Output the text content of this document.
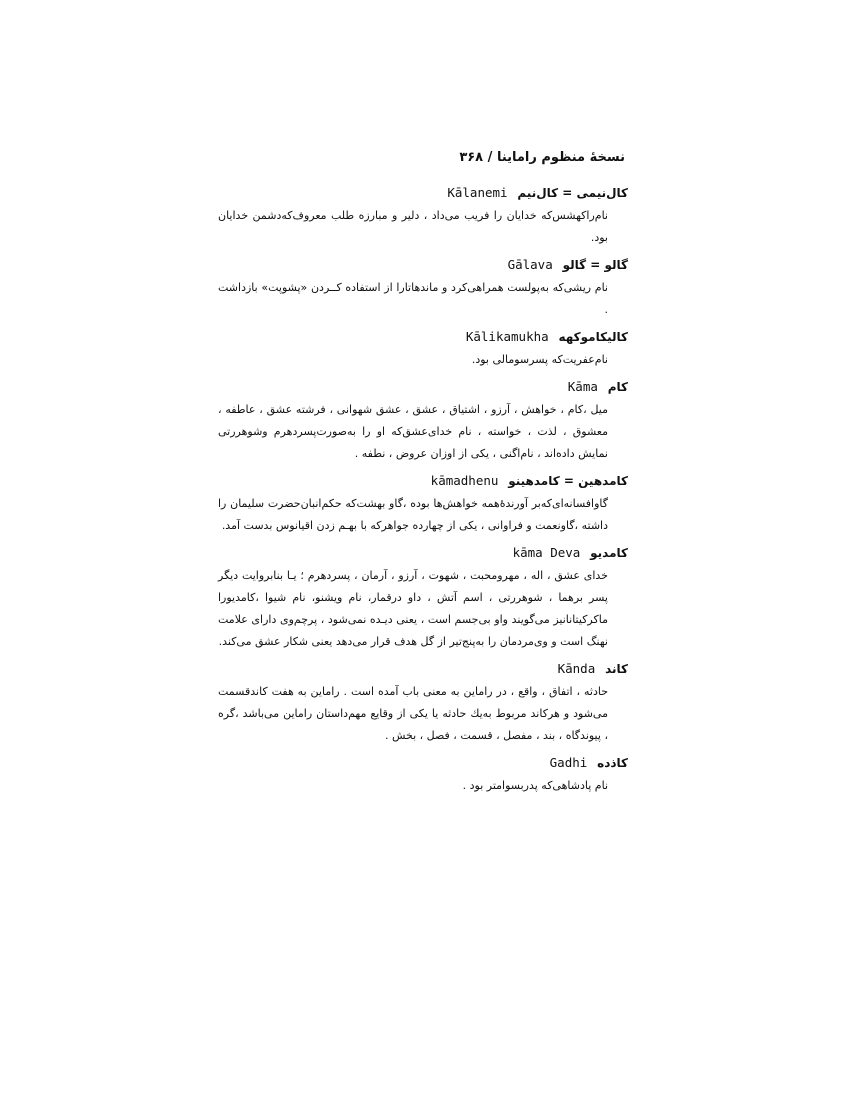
نسخهٔ منظوم راماینا / ۳۶۸
کال‌نیمی = کال‌نیم Kālanemi
نام‌راکهشس‌که خدایان را فریب می‌داد ، دلیر و مبارزه طلب معروف‌که‌دشمن خدایان بود.
گالو = گالو Gālava
نام ریشی‌که به‌پولست همراهی‌کرد و ماندهاتارا از استفاده کــردن «پشوپت» بازداشت .
کالیکاموکهه Kālikamukha
نام‌عفریت‌که پسرسومالی بود.
کام Kāma
میل ،کام ، خواهش ، آرزو ، اشتیاق ، عشق ، عشق شهوانی ، فرشته عشق ، عاطفه ، معشوق ، لذت ، خواسته ، نام خدای‌عشق‌که او را به‌صورت‌پسردهرم وشوهررتی نمایش داده‌اند ، نام‌اگنی ، یکی از اوزان عروض ، نطفه .
کامدهین = کامدهینو kāmadhenu
گاوافسانه‌ای‌که‌بر آورندهٔ‌همه خواهش‌ها بوده ،گاو بهشت‌که حکم‌انبان‌حضرت سلیمان را داشته ،گاونعمت و فراوانی ، یکی از چهارده جواهر‌که با بهـم زدن اقیانوس بدست آمد.
کامدیو kāma Deva
خدای عشق ، اله ، مهرومحبت ، شهوت ، آرزو ، آرمان ، پسردهرم ؛ یـا بنابروایت دیگر پسر برهما ، شوهررتی ، اسم آتش ، داو درقمار، نام ویشنو، نام شیوا ،کامدیورا ماکرکیتانانیز می‌گویند واو بی‌جسم است ، یعنی دیـده نمی‌شود ، پرچم‌وی دارای علامت نهنگ است و وی‌مردمان را به‌پنج‌تیر از گل هدف قرار می‌دهد یعنی شکار عشق می‌کند.
کاند Kānda
حادثه ، اتفاق ، واقع ، در راماین به معنی باب آمده است . راماین به هفت کاندقسمت می‌شود و هرکاند مربوط به‌یك حادثه یا یکی از وقایع مهم‌داستان راماین می‌باشد ،گره ، پیوندگاه ، بند ، مفصل ، قسمت ، فصل ، بخش .
کاذده Gadhi
نام پادشاهی‌که پدربسوامتر بود .
